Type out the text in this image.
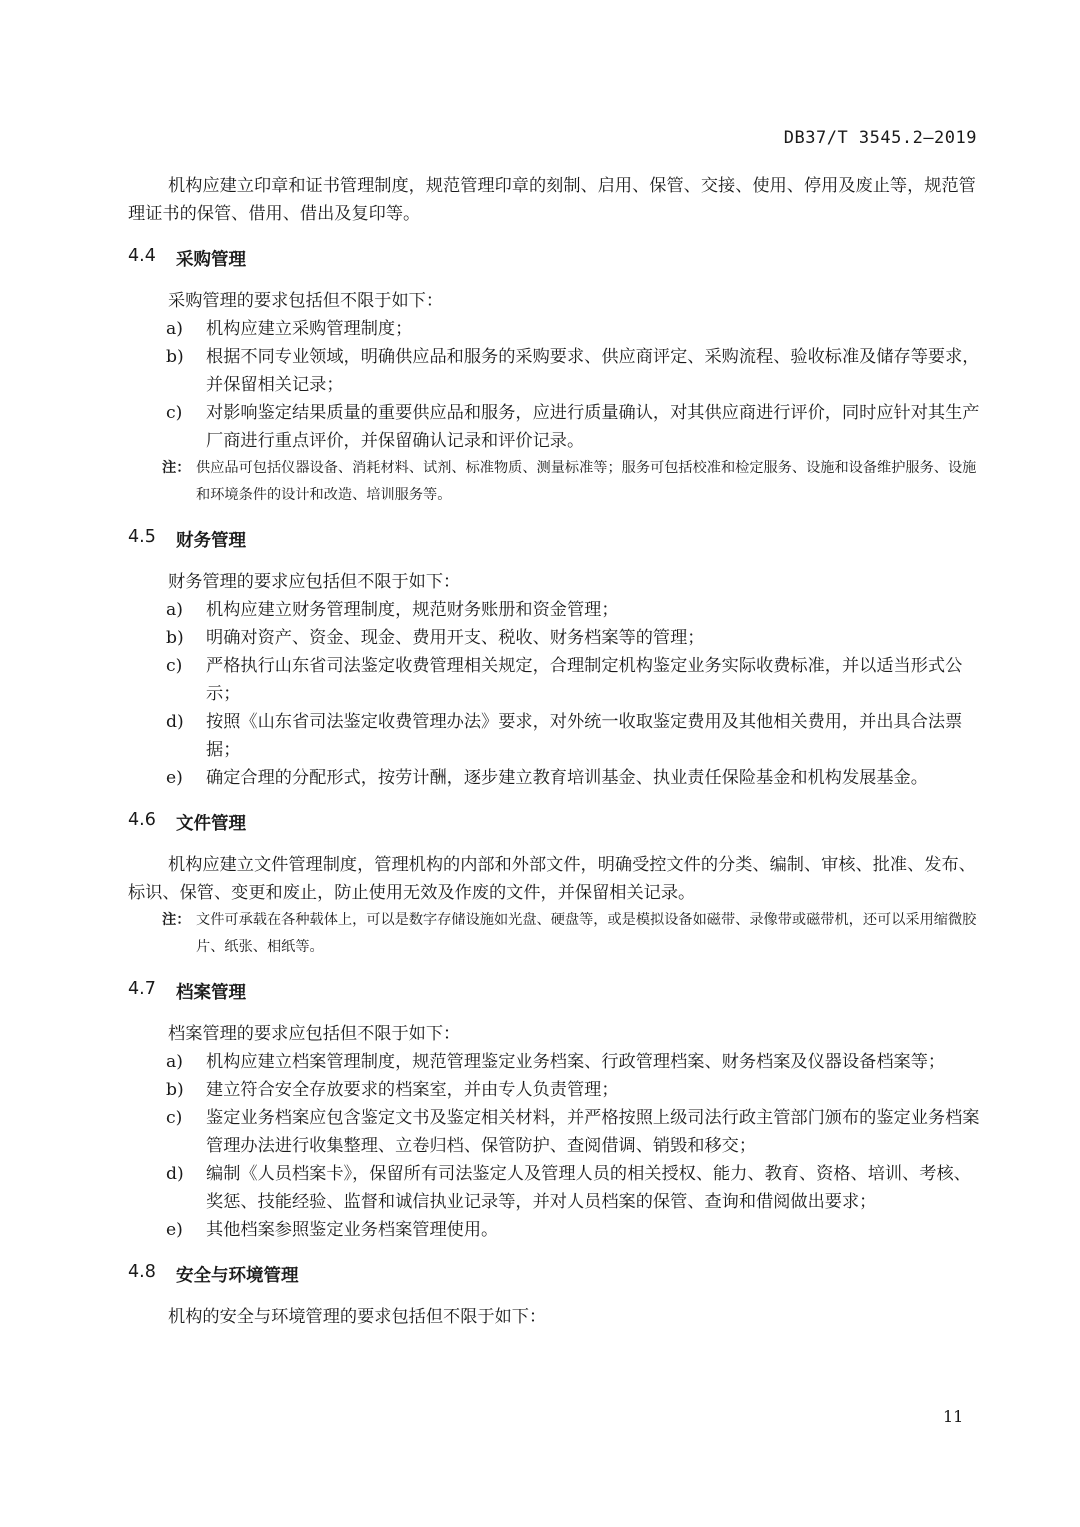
DB37/T 3545.2—2019

机构应建立印章和证书管理制度，规范管理印章的刻制、启用、保管、交接、使用、停用及废止等，规范管理证书的保管、借用、借出及复印等。

4.4	采购管理

采购管理的要求包括但不限于如下：

a)	机构应建立采购管理制度；
b)	根据不同专业领域，明确供应品和服务的采购要求、供应商评定、采购流程、验收标准及储存等要求，并保留相关记录；
c)	对影响鉴定结果质量的重要供应品和服务，应进行质量确认，对其供应商进行评价，同时应针对其生产厂商进行重点评价，并保留确认记录和评价记录。
注： 供应品可包括仪器设备、消耗材料、试剂、标准物质、测量标准等；服务可包括校准和检定服务、设施和设备维护服务、设施和环境条件的设计和改造、培训服务等。
4.5	财务管理

财务管理的要求应包括但不限于如下：

a)	机构应建立财务管理制度，规范财务账册和资金管理；
b)	明确对资产、资金、现金、费用开支、税收、财务档案等的管理；
c)	严格执行山东省司法鉴定收费管理相关规定，合理制定机构鉴定业务实际收费标准，并以适当形式公示；
d)	按照《山东省司法鉴定收费管理办法》要求，对外统一收取鉴定费用及其他相关费用，并出具合法票据；
e)	确定合理的分配形式，按劳计酬，逐步建立教育培训基金、执业责任保险基金和机构发展基金。
4.6	文件管理

机构应建立文件管理制度，管理机构的内部和外部文件，明确受控文件的分类、编制、审核、批准、发布、标识、保管、变更和废止，防止使用无效及作废的文件，并保留相关记录。

注： 文件可承载在各种载体上，可以是数字存储设施如光盘、硬盘等，或是模拟设备如磁带、录像带或磁带机，还可以采用缩微胶片、纸张、相纸等。
4.7	档案管理

档案管理的要求应包括但不限于如下：

a)	机构应建立档案管理制度，规范管理鉴定业务档案、行政管理档案、财务档案及仪器设备档案等；
b)	建立符合安全存放要求的档案室，并由专人负责管理；
c)	鉴定业务档案应包含鉴定文书及鉴定相关材料，并严格按照上级司法行政主管部门颁布的鉴定业务档案管理办法进行收集整理、立卷归档、保管防护、查阅借调、销毁和移交；
d)	编制《人员档案卡》，保留所有司法鉴定人及管理人员的相关授权、能力、教育、资格、培训、考核、奖惩、技能经验、监督和诚信执业记录等，并对人员档案的保管、查询和借阅做出要求；
e)	其他档案参照鉴定业务档案管理使用。
4.8	安全与环境管理

机构的安全与环境管理的要求包括但不限于如下：

11
